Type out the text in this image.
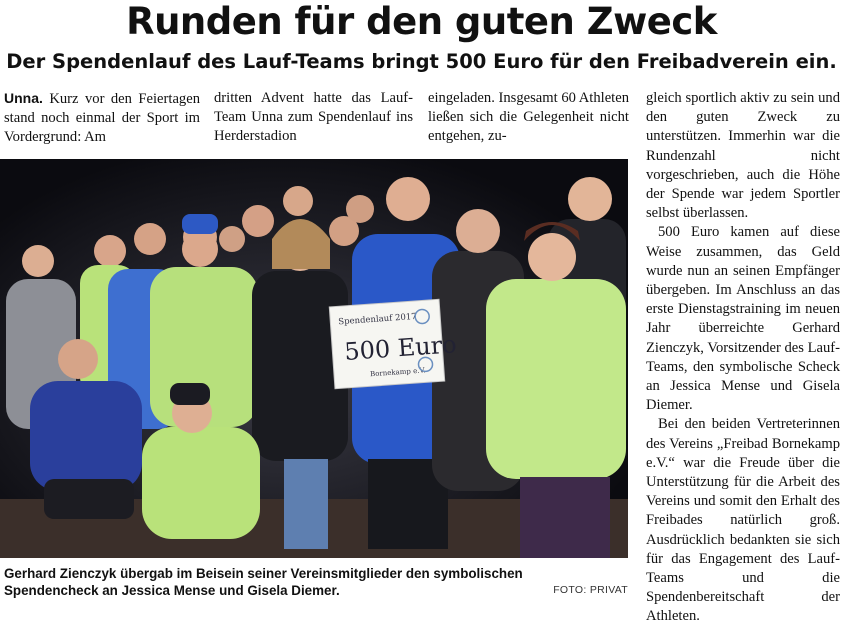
Runden für den guten Zweck
Der Spendenlauf des Lauf-Teams bringt 500 Euro für den Freibadverein ein.

Unna. Kurz vor den Feiertagen stand noch einmal der Sport im Vordergrund: Am

dritten Advent hatte das Lauf-Team Unna zum Spendenlauf ins Herderstadion

eingeladen. Insgesamt 60 Athleten ließen sich die Gelegenheit nicht entgehen, zu-

gleich sportlich aktiv zu sein und den guten Zweck zu unterstützen. Immerhin war die Rundenzahl nicht vorgeschrieben, auch die Höhe der Spende war jedem Sportler selbst überlassen.

500 Euro kamen auf diese Weise zusammen, das Geld wurde nun an seinen Empfänger übergeben. Im Anschluss an das erste Dienstagstraining im neuen Jahr überreichte Gerhard Zienczyk, Vorsitzender des Lauf-Teams, den symbolische Scheck an Jessica Mense und Gisela Diemer.

Bei den beiden Vertreterinnen des Vereins „Freibad Bornekamp e.V.“ war die Freude über die Unterstützung für die Arbeit des Vereins und somit den Erhalt des Freibades natürlich groß. Ausdrücklich bedankten sie sich für das Engagement des Lauf-Teams und die Spendenbereitschaft der Athleten.

Spendenlauf 2017
500 Euro
Bornekamp e.V.

Gerhard Zienczyk übergab im Beisein seiner Vereinsmitglieder den symbolischen Spendencheck an Jessica Mense und Gisela Diemer.	FOTO: PRIVAT
